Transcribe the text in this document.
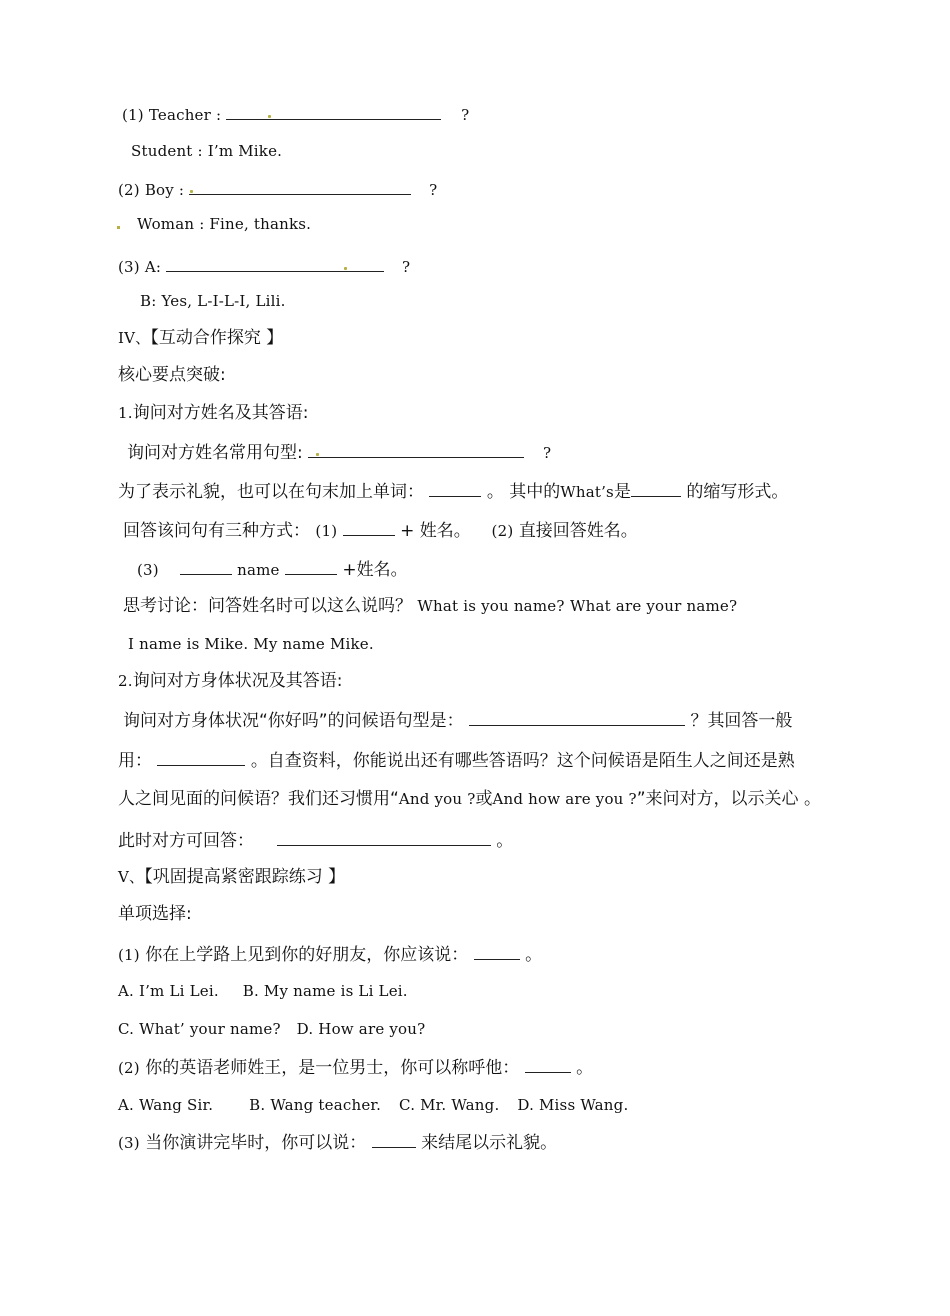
(1) Teacher :	?
Student : I’m Mike.
(2) Boy :	?
Woman : Fine, thanks.
(3) A:	?
B: Yes, L-I-L-I, Lili.
IV、【互动合作探究 】
核心要点突破:
1.询问对方姓名及其答语:
询问对方姓名常用句型:	?
为了表示礼貌，也可以在句末加上单词：	。 其中的What’s是	的缩写形式。
回答该问句有三种方式： (1)	+ 姓名。 (2) 直接回答姓名。
(3)	name	+姓名。
思考讨论：问答姓名时可以这么说吗？ What is you name? What are your name?
I name is Mike. My name Mike.
2.询问对方身体状况及其答语:
询问对方身体状况“你好吗”的问候语句型是：	？其回答一般
用：	。自查资料，你能说出还有哪些答语吗？这个问候语是陌生人之间还是熟
人之间见面的问候语？我们还习惯用“And you ?或And how are you ?”来问对方，以示关心 。
此时对方可回答：	。
V、【巩固提高紧密跟踪练习 】
单项选择:
(1) 你在上学路上见到你的好朋友，你应该说：	。
A. I’m Li Lei. B. My name is Li Lei.
C. What’ your name? D. How are you?
(2) 你的英语老师姓王，是一位男士，你可以称呼他：	。
A. Wang Sir. B. Wang teacher. C. Mr. Wang. D. Miss Wang.
(3) 当你演讲完毕时，你可以说：	来结尾以示礼貌。
